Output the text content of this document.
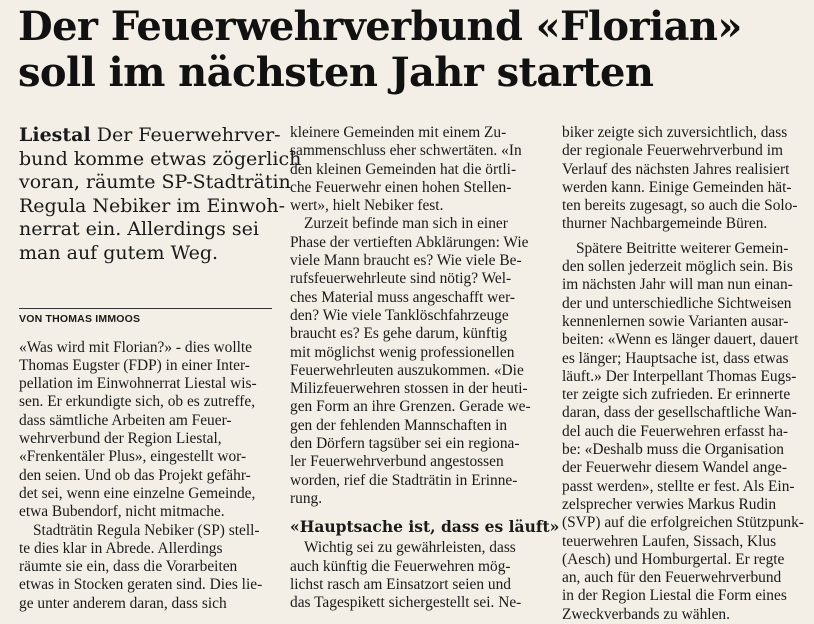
Der Feuerwehrverbund «Florian»
soll im nächsten Jahr starten
Liestal Der Feuerwehrver-
bund komme etwas zögerlich
voran, räumte SP-Stadträtin
Regula Nebiker im Einwoh-
nerrat ein. Allerdings sei
man auf gutem Weg.
VON THOMAS IMMOOS
«Was wird mit Florian?» - dies wollte
Thomas Eugster (FDP) in einer Inter-
pellation im Einwohnerrat Liestal wis-
sen. Er erkundigte sich, ob es zutreffe,
dass sämtliche Arbeiten am Feuer-
wehrverbund der Region Liestal,
«Frenkentäler Plus», eingestellt wor-
den seien. Und ob das Projekt gefähr-
det sei, wenn eine einzelne Gemeinde,
etwa Bubendorf, nicht mitmache.
Stadträtin Regula Nebiker (SP) stell-
te dies klar in Abrede. Allerdings
räumte sie ein, dass die Vorarbeiten
etwas in Stocken geraten sind. Dies lie-
ge unter anderem daran, dass sich
kleinere Gemeinden mit einem Zu-
sammenschluss eher schwertäten. «In
den kleinen Gemeinden hat die örtli-
che Feuerwehr einen hohen Stellen-
wert», hielt Nebiker fest.
Zurzeit befinde man sich in einer
Phase der vertieften Abklärungen: Wie
viele Mann braucht es? Wie viele Be-
rufsfeuerwehrleute sind nötig? Wel-
ches Material muss angeschafft wer-
den? Wie viele Tanklöschfahrzeuge
braucht es? Es gehe darum, künftig
mit möglichst wenig professionellen
Feuerwehrleuten auszukommen. «Die
Milizfeuerwehren stossen in der heuti-
gen Form an ihre Grenzen. Gerade we-
gen der fehlenden Mannschaften in
den Dörfern tagsüber sei ein regiona-
ler Feuerwehrverbund angestossen
worden, rief die Stadträtin in Erinne-
rung.
«Hauptsache ist, dass es läuft»
Wichtig sei zu gewährleisten, dass
auch künftig die Feuerwehren mög-
lichst rasch am Einsatzort seien und
das Tagespikett sichergestellt sei. Ne-
biker zeigte sich zuversichtlich, dass
der regionale Feuerwehrverbund im
Verlauf des nächsten Jahres realisiert
werden kann. Einige Gemeinden hät-
ten bereits zugesagt, so auch die Solo-
thurner Nachbargemeinde Büren.
Spätere Beitritte weiterer Gemein-
den sollen jederzeit möglich sein. Bis
im nächsten Jahr will man nun einan-
der und unterschiedliche Sichtweisen
kennenlernen sowie Varianten ausar-
beiten: «Wenn es länger dauert, dauert
es länger; Hauptsache ist, dass etwas
läuft.» Der Interpellant Thomas Eugs-
ter zeigte sich zufrieden. Er erinnerte
daran, dass der gesellschaftliche Wan-
del auch die Feuerwehren erfasst ha-
be: «Deshalb muss die Organisation
der Feuerwehr diesem Wandel ange-
passt werden», stellte er fest. Als Ein-
zelsprecher verwies Markus Rudin
(SVP) auf die erfolgreichen Stützpunk-
teuerwehren Laufen, Sissach, Klus
(Aesch) und Homburgertal. Er regte
an, auch für den Feuerwehrverbund
in der Region Liestal die Form eines
Zweckverbands zu wählen.
